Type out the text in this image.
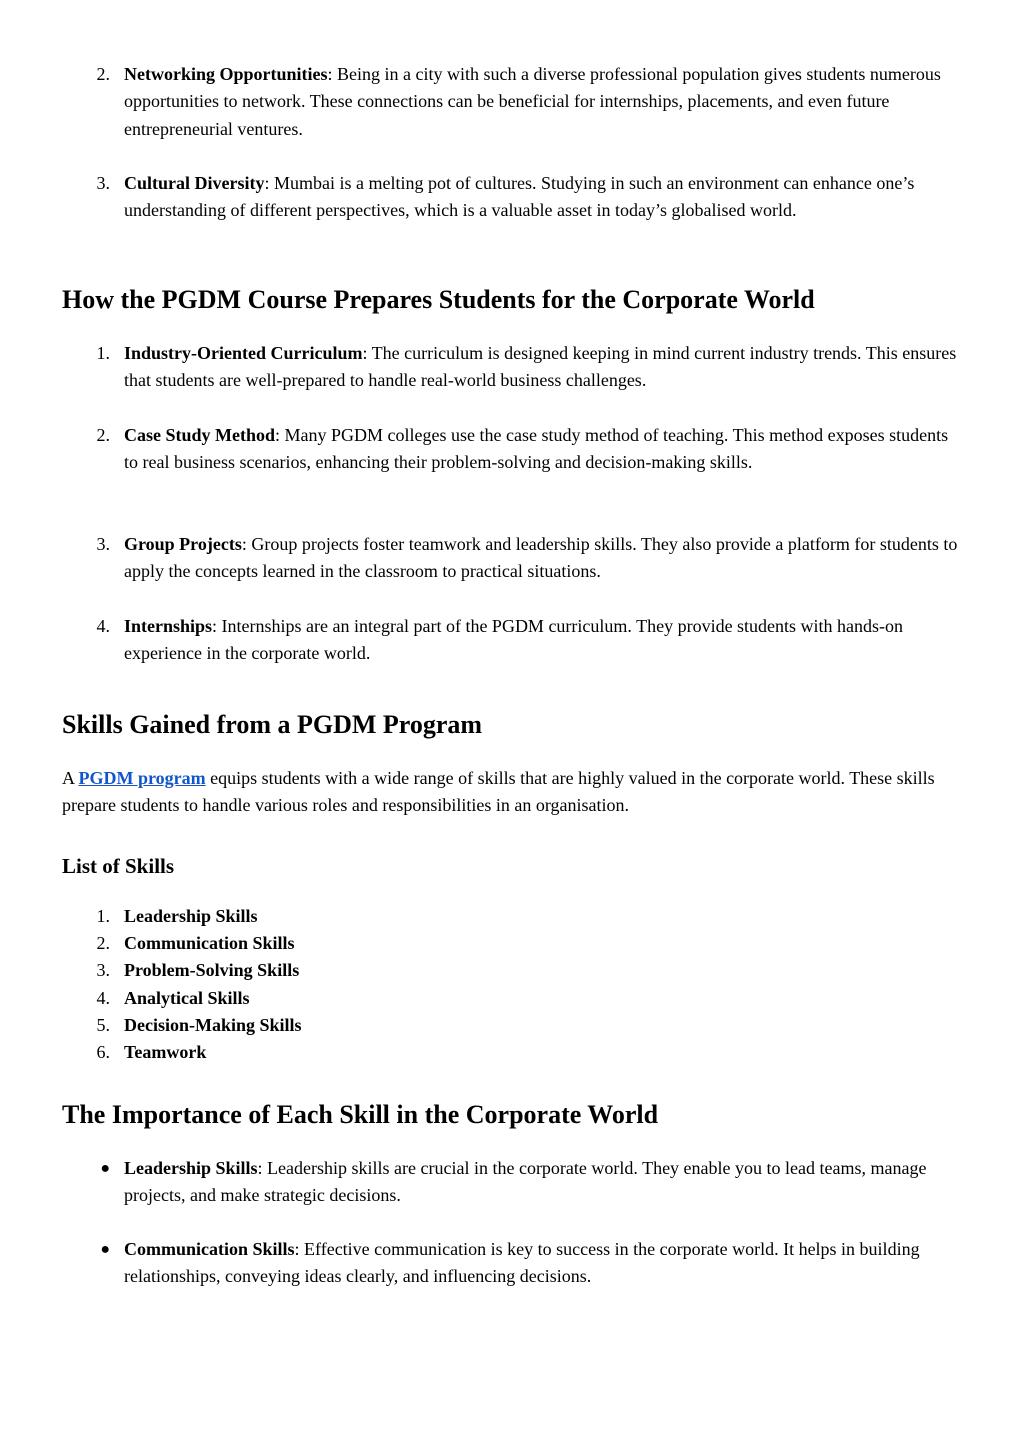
2. Networking Opportunities: Being in a city with such a diverse professional population gives students numerous opportunities to network. These connections can be beneficial for internships, placements, and even future entrepreneurial ventures.
3. Cultural Diversity: Mumbai is a melting pot of cultures. Studying in such an environment can enhance one’s understanding of different perspectives, which is a valuable asset in today’s globalised world.
How the PGDM Course Prepares Students for the Corporate World
1. Industry-Oriented Curriculum: The curriculum is designed keeping in mind current industry trends. This ensures that students are well-prepared to handle real-world business challenges.
2. Case Study Method: Many PGDM colleges use the case study method of teaching. This method exposes students to real business scenarios, enhancing their problem-solving and decision-making skills.
3. Group Projects: Group projects foster teamwork and leadership skills. They also provide a platform for students to apply the concepts learned in the classroom to practical situations.
4. Internships: Internships are an integral part of the PGDM curriculum. They provide students with hands-on experience in the corporate world.
Skills Gained from a PGDM Program

A PGDM program equips students with a wide range of skills that are highly valued in the corporate world. These skills prepare students to handle various roles and responsibilities in an organisation.

List of Skills
1. Leadership Skills
2. Communication Skills
3. Problem-Solving Skills
4. Analytical Skills
5. Decision-Making Skills
6. Teamwork
The Importance of Each Skill in the Corporate World
● Leadership Skills: Leadership skills are crucial in the corporate world. They enable you to lead teams, manage projects, and make strategic decisions.
● Communication Skills: Effective communication is key to success in the corporate world. It helps in building relationships, conveying ideas clearly, and influencing decisions.
